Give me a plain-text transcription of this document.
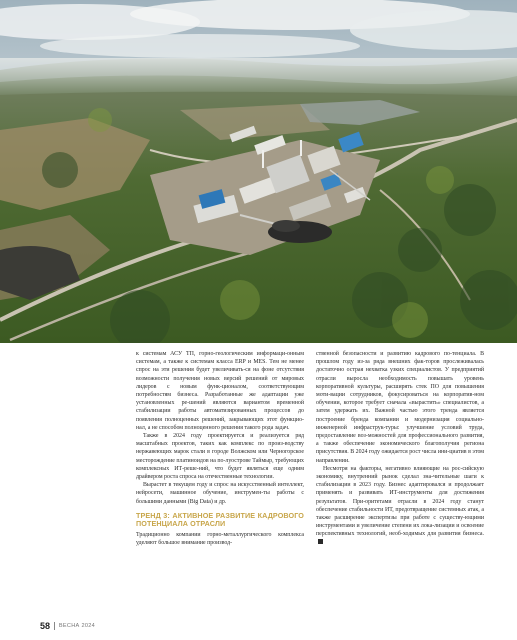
к системам АСУ ТП, горно-геологическим информаци-онным системам, а также к системам класса ERP и MES. Тем не менее спрос на эти решения будет увеличивать-ся на фоне отсутствия возможности получения новых версий решений от мировых лидеров с новым функ-ционалом, соответствующим потребностям бизнеса. Разработанные же адаптации уже установленных ре-шений являются вариантом временной стабилизации работы автоматизированных процессов до появления полноценных решений, закрывающих этот функцио-нал, а не способом полноценного решения такого рода задач.

Также в 2024 году проектируется и реализуется ряд масштабных проектов, таких как комплекс по произ-водству нержавеющих марок стали в городе Волжском или Черногорское месторождение платиноидов на по-луострове Таймыр, требующих комплексных ИТ-реше-ний, что будет являться еще одним драйвером роста спроса на отечественные технологии.

Вырастет в текущем году и спрос на искусственный интеллект, нейросети, машинное обучение, инструмен-ты работы с большими данными (Big Data) и др.

ТРЕНД 3: АКТИВНОЕ РАЗВИТИЕ КАДРОВОГО ПОТЕНЦИАЛА ОТРАСЛИ

Традиционно компании горно-металлургического комплекса уделяют большое внимание производ-

ственной безопасности и развитию кадрового по-тенциала. В прошлом году из-за ряда внешних фак-торов прослеживалась достаточно острая нехватка узких специалистов. У предприятий отрасли выросла необходимость повышать уровень корпоративной культуры, расширять стек ПО для повышения моти-вации сотрудников, фокусироваться на корпоратив-ном обучении, которое требует сначала «вырастить» специалистов, а затем удержать их. Важной частью этого тренда является построение бренда компании и модернизация социально-инженерной инфраструк-туры: улучшение условий труда, предоставление воз-можностей для профессионального развития, а также обеспечение экономического благополучия региона присутствия. В 2024 году ожидается рост числа ини-циатив в этом направлении.

Несмотря на факторы, негативно влияющие на рос-сийскую экономику, внутренний рынок сделал зна-чительные шаги к стабилизации в 2023 году. Бизнес адаптировался и продолжает применять и развивать ИТ-инструменты для достижения результатов. При-оритетами отрасли в 2024 году станут обеспечение стабильности ИТ, предотвращение системных атак, а также расширение экспертизы при работе с существу-ющими инструментами и увеличение степени их лока-лизации и освоение перспективных технологий, необ-ходимых для развития бизнеса.

58 ВЕСНА 2024
